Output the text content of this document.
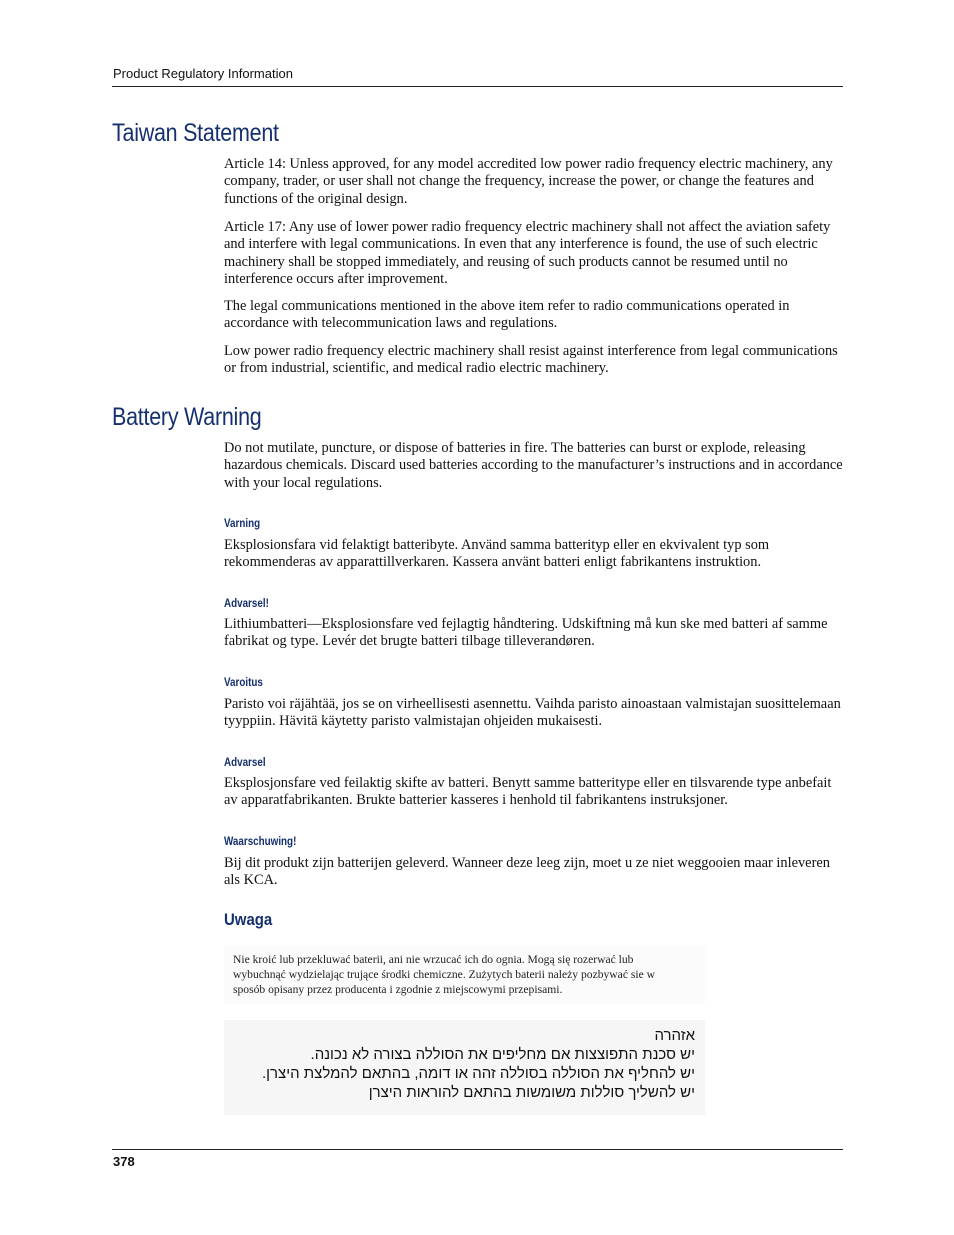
Product Regulatory Information
Taiwan Statement

Article 14: Unless approved, for any model accredited low power radio frequency electric machinery, any company, trader, or user shall not change the frequency, increase the power, or change the features and functions of the original design.

Article 17: Any use of lower power radio frequency electric machinery shall not affect the aviation safety and interfere with legal communications. In even that any interference is found, the use of such electric machinery shall be stopped immediately, and reusing of such products cannot be resumed until no interference occurs after improvement.

The legal communications mentioned in the above item refer to radio communications operated in accordance with telecommunication laws and regulations.

Low power radio frequency electric machinery shall resist against interference from legal communications or from industrial, scientific, and medical radio electric machinery.

Battery Warning

Do not mutilate, puncture, or dispose of batteries in fire. The batteries can burst or explode, releasing hazardous chemicals. Discard used batteries according to the manufacturer’s instructions and in accordance with your local regulations.

Varning

Eksplosionsfara vid felaktigt batteribyte. Använd samma batterityp eller en ekvivalent typ som rekommenderas av apparattillverkaren. Kassera använt batteri enligt fabrikantens instruktion.

Advarsel!

Lithiumbatteri—Eksplosionsfare ved fejlagtig håndtering. Udskiftning må kun ske med batteri af samme fabrikat og type. Levér det brugte batteri tilbage tilleverandøren.

Varoitus

Paristo voi räjähtää, jos se on virheellisesti asennettu. Vaihda paristo ainoastaan valmistajan suosittelemaan tyyppiin. Hävitä käytetty paristo valmistajan ohjeiden mukaisesti.

Advarsel

Eksplosjonsfare ved feilaktig skifte av batteri. Benytt samme batteritype eller en tilsvarende type anbefait av apparatfabrikanten. Brukte batterier kasseres i henhold til fabrikantens instruksjoner.

Waarschuwing!

Bij dit produkt zijn batterijen geleverd. Wanneer deze leeg zijn, moet u ze niet weggooien maar inleveren als KCA.

Uwaga

Nie kroić lub przekluwać baterii, ani nie wrzucać ich do ognia. Mogą się rozerwać lub
wybuchnąć wydzielając trujące środki chemiczne. Zużytych baterii należy pozbywać sie w
sposób opisany przez producenta i zgodnie z miejscowymi przepisami.

אזהרה
יש סכנת התפוצצות אם מחליפים את הסוללה בצורה לא נכונה.
יש להחליף את הסוללה בסוללה זהה או דומה, בהתאם להמלצת היצרן.
יש להשליך סוללות משומשות בהתאם להוראות היצרן

378
